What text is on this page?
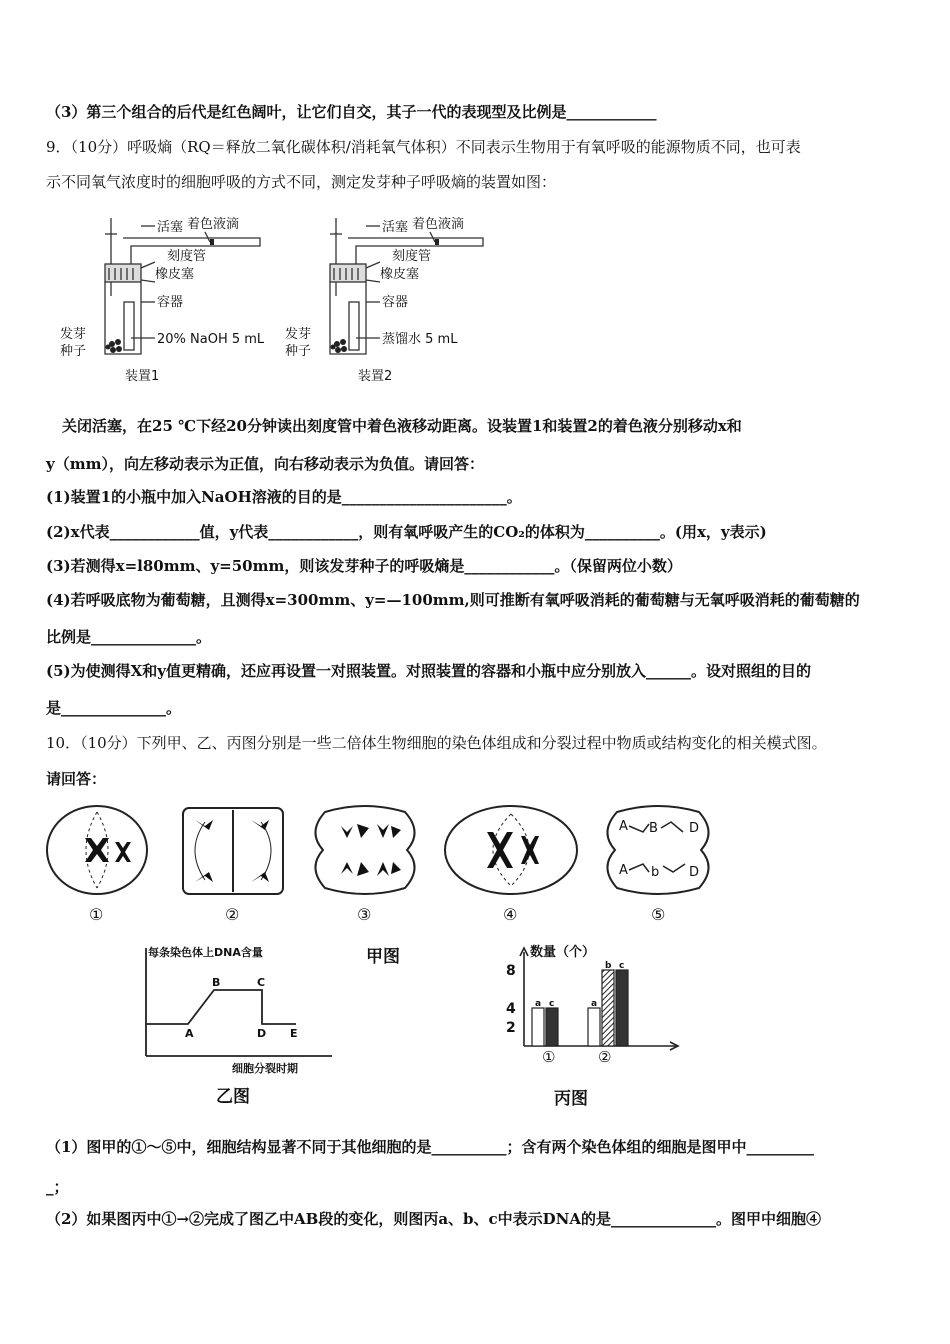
（3）第三个组合的后代是红色阔叶，让它们自交，其子一代的表现型及比例是____________
9．（10分）呼吸熵（RQ＝释放二氧化碳体积/消耗氧气体积）不同表示生物用于有氧呼吸的能源物质不同，也可表
示不同氧气浓度时的细胞呼吸的方式不同，测定发芽种子呼吸熵的装置如图：
活塞 着色液滴
刻度管
橡皮塞
容器
20% NaOH 5 mL
发芽
种子
装置1
活塞 着色液滴
刻度管
橡皮塞
容器
蒸馏水 5 mL
发芽
种子
装置2
关闭活塞，在25 ℃下经20分钟读出刻度管中着色液移动距离。设装置1和装置2的着色液分别移动x和
y（mm），向左移动表示为正值，向右移动表示为负值。请回答：
(1)装置1的小瓶中加入NaOH溶液的目的是______________________。
(2)x代表____________值，y代表____________，则有氧呼吸产生的CO₂的体积为__________。(用x，y表示)
(3)若测得x=l80mm、y=50mm，则该发芽种子的呼吸熵是____________。（保留两位小数）
(4)若呼吸底物为葡萄糖，且测得x=300mm、y=—100mm,则可推断有氧呼吸消耗的葡萄糖与无氧呼吸消耗的葡萄糖的
比例是______________。
(5)为使测得X和y值更精确，还应再设置一对照装置。对照装置的容器和小瓶中应分别放入______。设对照组的目的
是______________。
10．（10分）下列甲、乙、丙图分别是一些二倍体生物细胞的染色体组成和分裂过程中物质或结构变化的相关模式图。
请回答：
A B D
A b D
①	②	③	④	⑤
甲图
每条染色体上DNA含量
细胞分裂时期
A
B	C
D E
乙图
数量（个）
2
4
8
a c
①
a
b c
②
丙图
（1）图甲的①～⑤中，细胞结构显著不同于其他细胞的是__________；含有两个染色体组的细胞是图甲中_________
_；
（2）如果图丙中①→②完成了图乙中AB段的变化，则图丙a、b、c中表示DNA的是______________。图甲中细胞④
